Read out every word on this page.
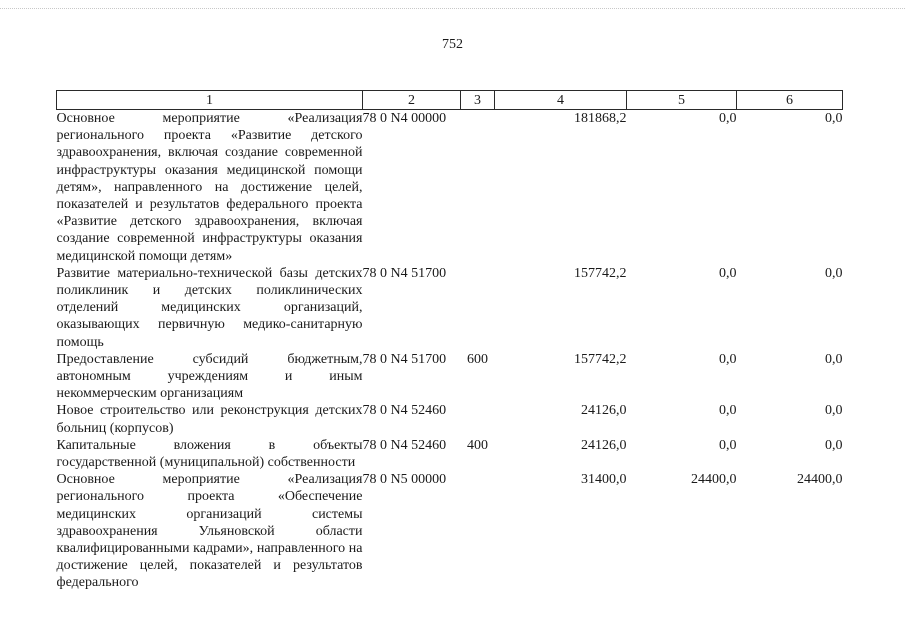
752
1	2	3	4	5	6
Основное мероприятие «Реализация регионального проекта «Развитие детского здравоохранения, включая создание современной инфраструктуры оказания медицинской помощи детям», направленного на достижение целей, показателей и результатов федерального проекта «Развитие детского здравоохранения, включая создание современной инфраструктуры оказания медицинской помощи детям»	78 0 N4 00000		181868,2	0,0	0,0
Развитие материально-технической базы детских поликлиник и детских поликлинических отделений медицинских организаций, оказывающих первичную медико-санитарную помощь	78 0 N4 51700		157742,2	0,0	0,0
Предоставление субсидий бюджетным, автономным учреждениям и иным некоммерческим организациям	78 0 N4 51700	600	157742,2	0,0	0,0
Новое строительство или реконструкция детских больниц (корпусов)	78 0 N4 52460		24126,0	0,0	0,0
Капитальные вложения в объекты государственной (муниципальной) собственности	78 0 N4 52460	400	24126,0	0,0	0,0
Основное мероприятие «Реализация регионального проекта «Обеспечение медицинских организаций системы здравоохранения Ульяновской области квалифицированными кадрами», направленного на достижение целей, показателей и результатов федерального	78 0 N5 00000		31400,0	24400,0	24400,0
